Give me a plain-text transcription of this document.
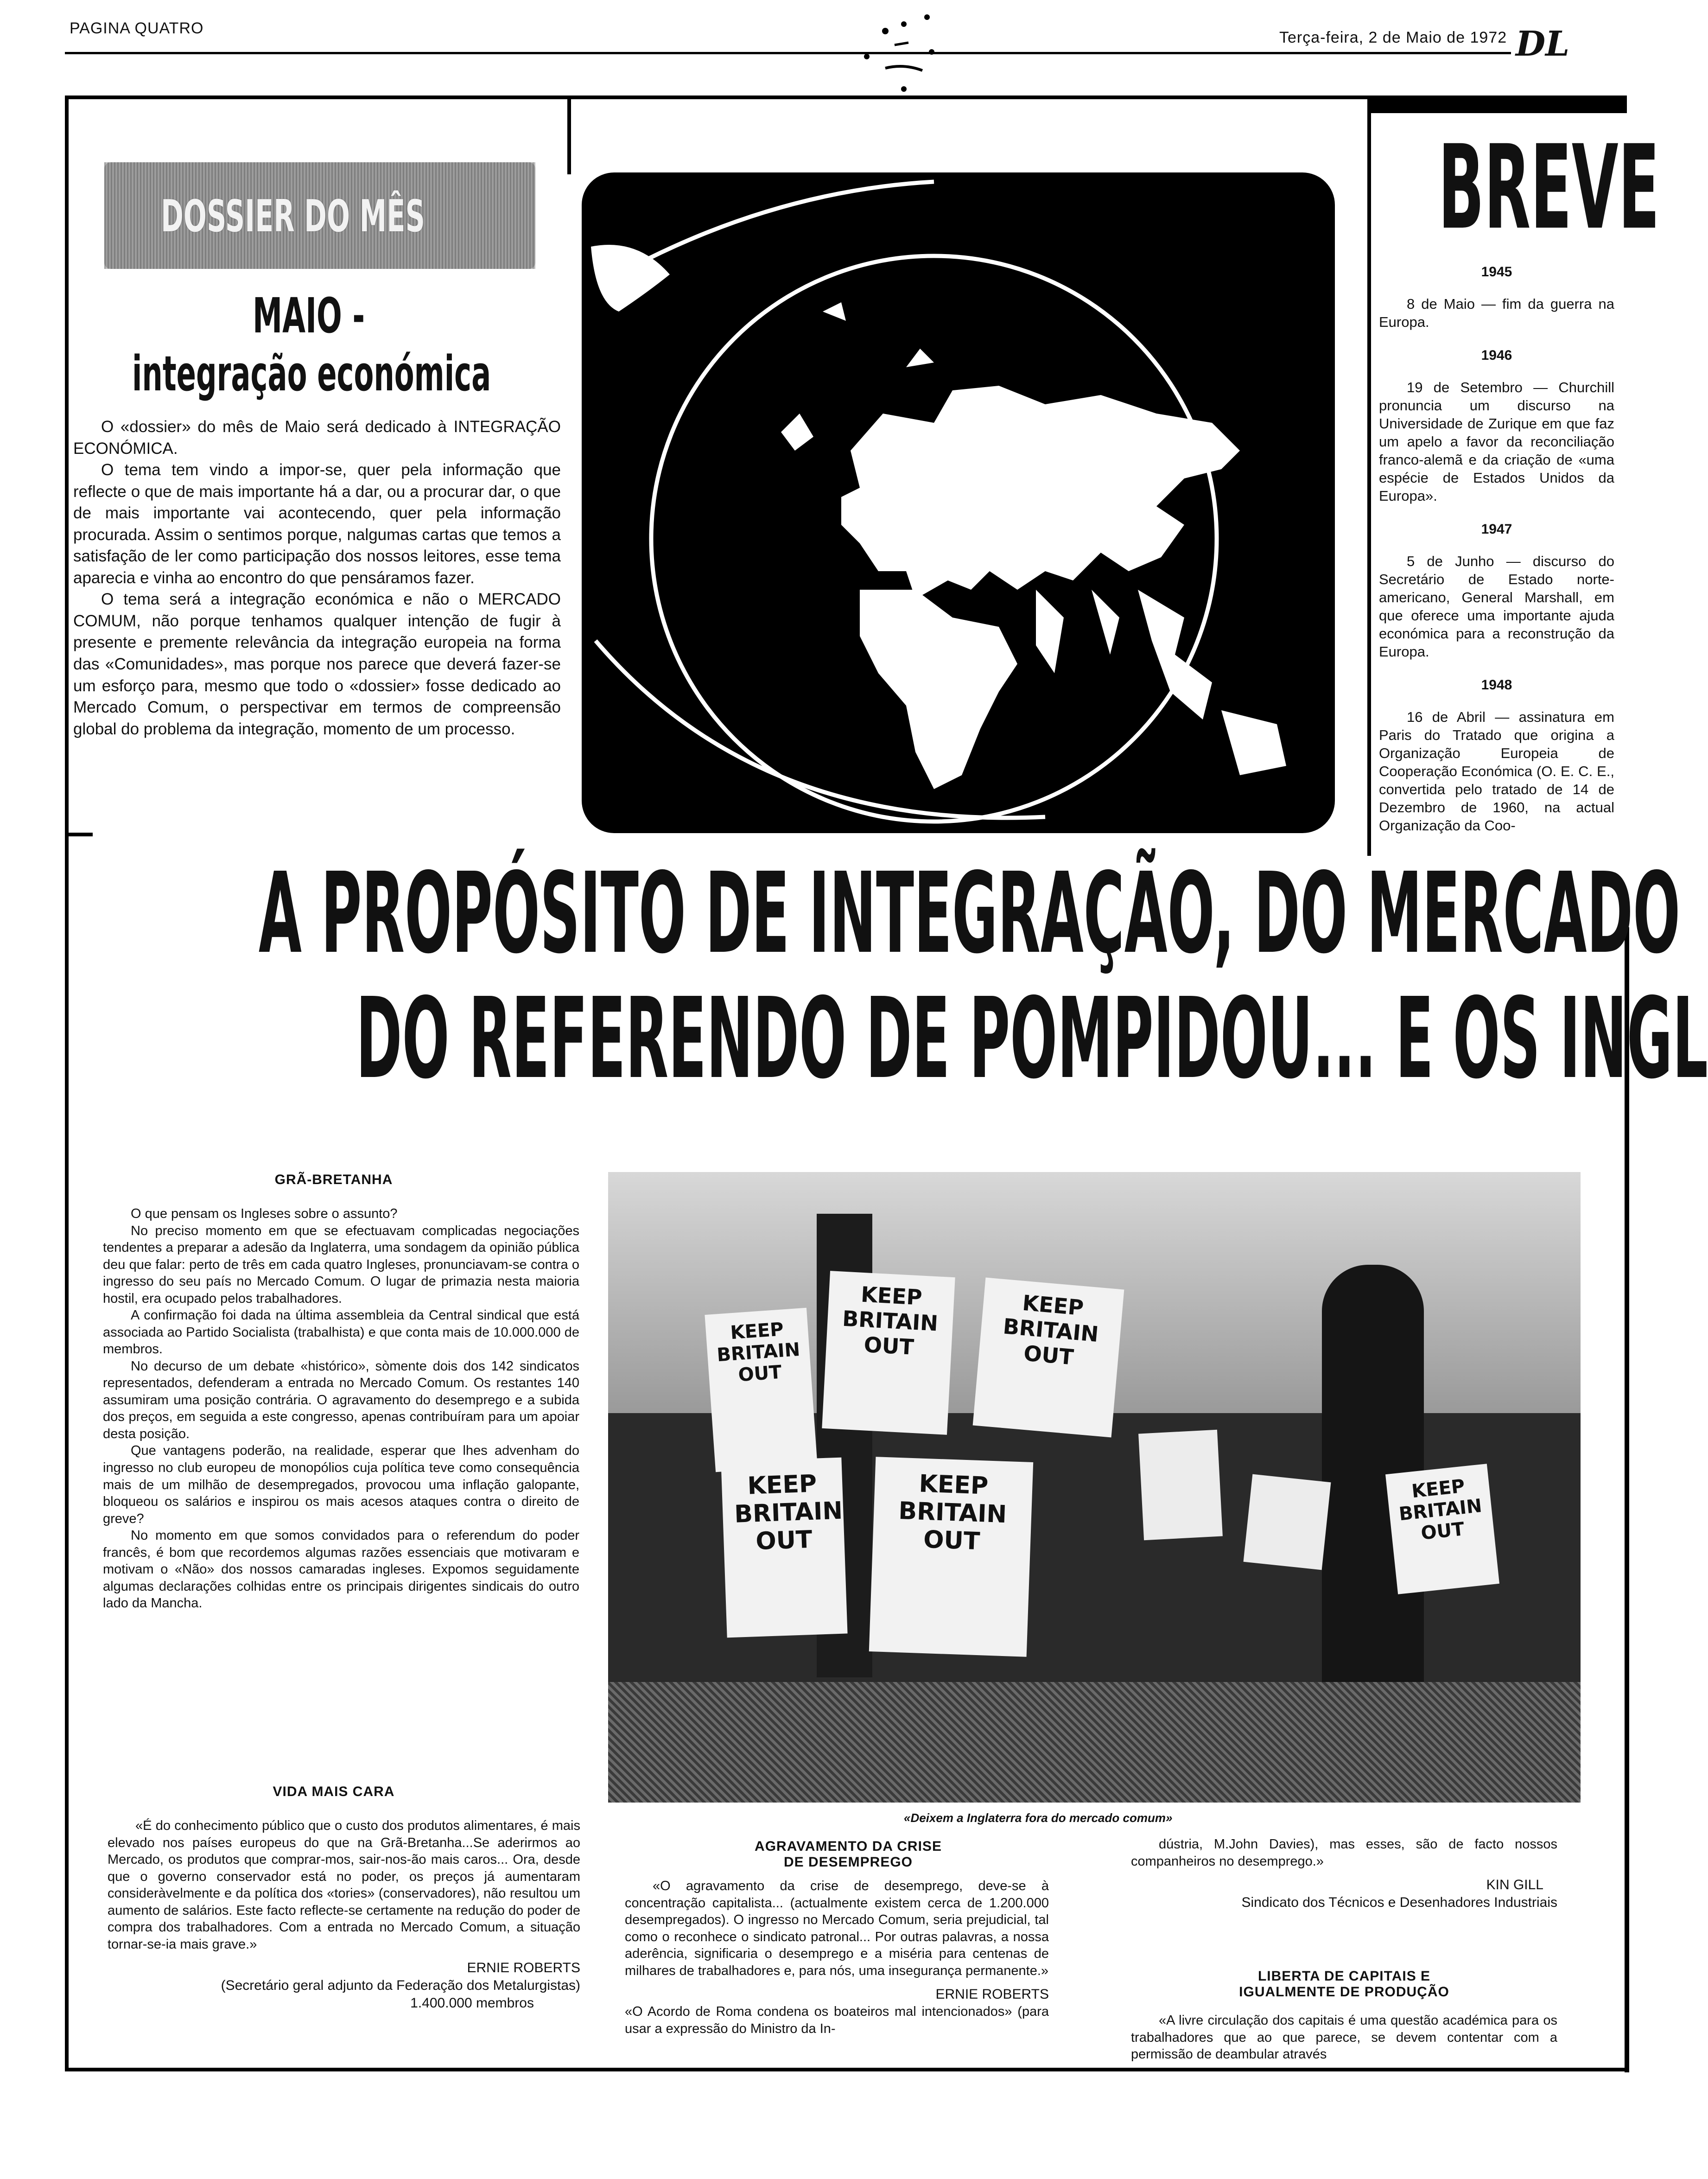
PAGINA QUATRO
Terça-feira, 2 de Maio de 1972 DL
DOSSIER DO MÊS
MAIO -
integração económica

O «dossier» do mês de Maio será dedicado à INTEGRAÇÃO ECONÓMICA.

O tema tem vindo a impor-se, quer pela informação que reflecte o que de mais importante há a dar, ou a procurar dar, o que de mais importante vai acontecendo, quer pela informação procurada. Assim o sentimos porque, nalgumas cartas que temos a satisfação de ler como participação dos nossos leitores, esse tema aparecia e vinha ao encontro do que pensáramos fazer.

O tema será a integração económica e não o MERCADO COMUM, não porque tenhamos qualquer intenção de fugir à presente e premente relevância da integração europeia na forma das «Comunidades», mas porque nos parece que deverá fazer-se um esforço para, mesmo que todo o «dossier» fosse dedicado ao Mercado Comum, o perspectivar em termos de compreensão global do problema da integração, momento de um processo.

BREVE
1945

8 de Maio — fim da guerra na Europa.

1946

19 de Setembro — Churchill pronuncia um discurso na Universidade de Zurique em que faz um apelo a favor da reconciliação franco-alemã e da criação de «uma espécie de Estados Unidos da Europa».

1947

5 de Junho — discurso do Secretário de Estado norte-americano, General Marshall, em que oferece uma importante ajuda económica para a reconstrução da Europa.

1948

16 de Abril — assinatura em Paris do Tratado que origina a Organização Europeia de Cooperação Económica (O. E. C. E., convertida pelo tratado de 14 de Dezembro de 1960, na actual Organização da Coo-

A PROPÓSITO DE INTEGRAÇÃO, DO MERCADO
DO REFERENDO DE POMPIDOU... E OS INGL
GRÃ-BRETANHA

O que pensam os Ingleses sobre o assunto?

No preciso momento em que se efectuavam complicadas negociações tendentes a preparar a adesão da Inglaterra, uma sondagem da opinião pública deu que falar: perto de três em cada quatro Ingleses, pronunciavam-se contra o ingresso do seu país no Mercado Comum. O lugar de primazia nesta maioria hostil, era ocupado pelos trabalhadores.

A confirmação foi dada na última assembleia da Central sindical que está associada ao Partido Socialista (trabalhista) e que conta mais de 10.000.000 de membros.

No decurso de um debate «histórico», sòmente dois dos 142 sindicatos representados, defenderam a entrada no Mercado Comum. Os restantes 140 assumiram uma posição contrária. O agravamento do desemprego e a subida dos preços, em seguida a este congresso, apenas contribuíram para um apoiar desta posição.

Que vantagens poderão, na realidade, esperar que lhes advenham do ingresso no club europeu de monopólios cuja política teve como consequência mais de um milhão de desempregados, provocou uma inflação galopante, bloqueou os salários e inspirou os mais acesos ataques contra o direito de greve?

No momento em que somos convidados para o referendum do poder francês, é bom que recordemos algumas razões essenciais que motivaram e motivam o «Não» dos nossos camaradas ingleses. Expomos seguidamente algumas declarações colhidas entre os principais dirigentes sindicais do outro lado da Mancha.

KEEP BRITAIN OUT
KEEP BRITAIN OUT
KEEP BRITAIN OUT
KEEP BRITAIN OUT
KEEP BRITAIN OUT
KEEP BRITAIN OUT
«Deixem a Inglaterra fora do mercado comum»
VIDA MAIS CARA

«É do conhecimento público que o custo dos produtos alimentares, é mais elevado nos países europeus do que na Grã-Bretanha...Se aderirmos ao Mercado, os produtos que comprar-mos, sair-nos-ão mais caros... Ora, desde que o governo conservador está no poder, os preços já aumentaram consideràvelmente e da política dos «tories» (conservadores), não resultou um aumento de salários. Este facto reflecte-se certamente na redução do poder de compra dos trabalhadores. Com a entrada no Mercado Comum, a situação tornar-se-ia mais grave.»

ERNIE ROBERTS
(Secretário geral adjunto da Federação dos Metalurgistas)
1.400.000 membros
AGRAVAMENTO DA CRISE
DE DESEMPREGO

«O agravamento da crise de desemprego, deve-se à concentração capitalista... (actualmente existem cerca de 1.200.000 desempregados). O ingresso no Mercado Comum, seria prejudicial, tal como o reconhece o sindicato patronal... Por outras palavras, a nossa aderência, significaria o desemprego e a miséria para centenas de milhares de trabalhadores e, para nós, uma insegurança permanente.»

ERNIE ROBERTS

«O Acordo de Roma condena os boateiros mal intencionados» (para usar a expressão do Ministro da In-

dústria, M.John Davies), mas esses, são de facto nossos companheiros no desemprego.»

KIN GILL
Sindicato dos Técnicos e Desenhadores Industriais
LIBERTA DE CAPITAIS E
IGUALMENTE DE PRODUÇÃO

«A livre circulação dos capitais é uma questão académica para os trabalhadores que ao que parece, se devem contentar com a permissão de deambular através
